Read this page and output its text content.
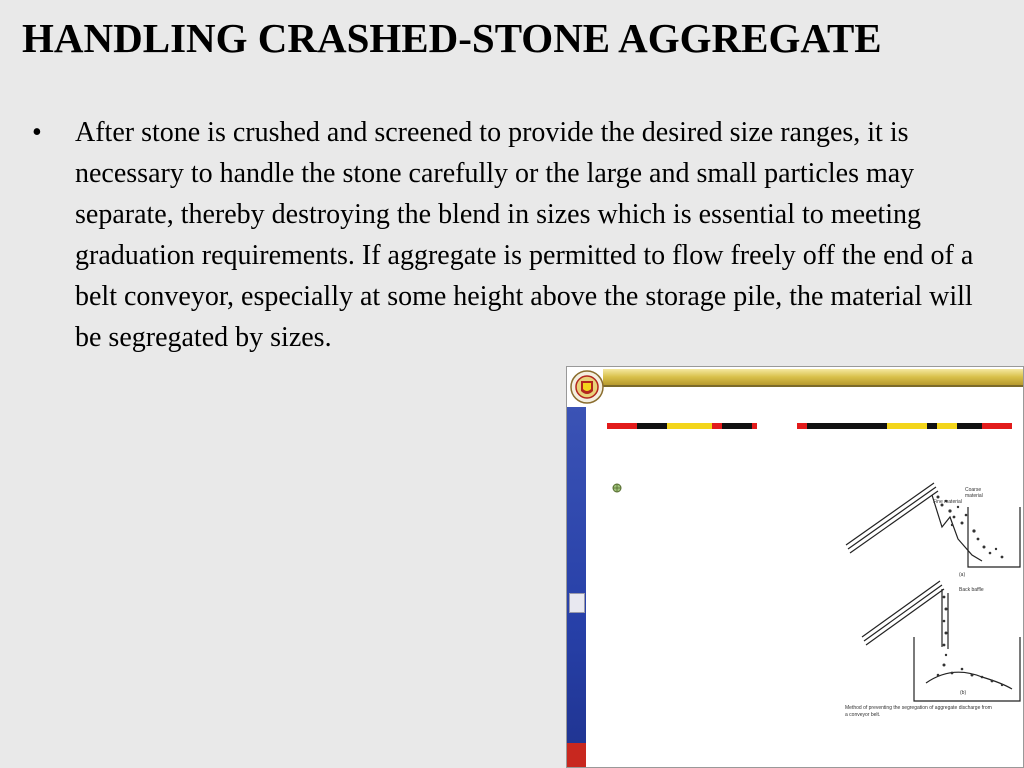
HANDLING CRASHED-STONE AGGREGATE
• After stone is crushed and screened to provide the desired size ranges, it is necessary to handle the stone carefully or the large and small particles may separate, thereby destroying the blend in sizes which is essential to meeting graduation requirements. If aggregate is permitted to flow freely off the end of a belt conveyor, especially at some height above the storage pile, the material will be segregated by sizes.
Coarse material
Fine material
(a)
Back baffle
(b)
Method of preventing the segregation of aggregate discharge from a conveyor belt.
